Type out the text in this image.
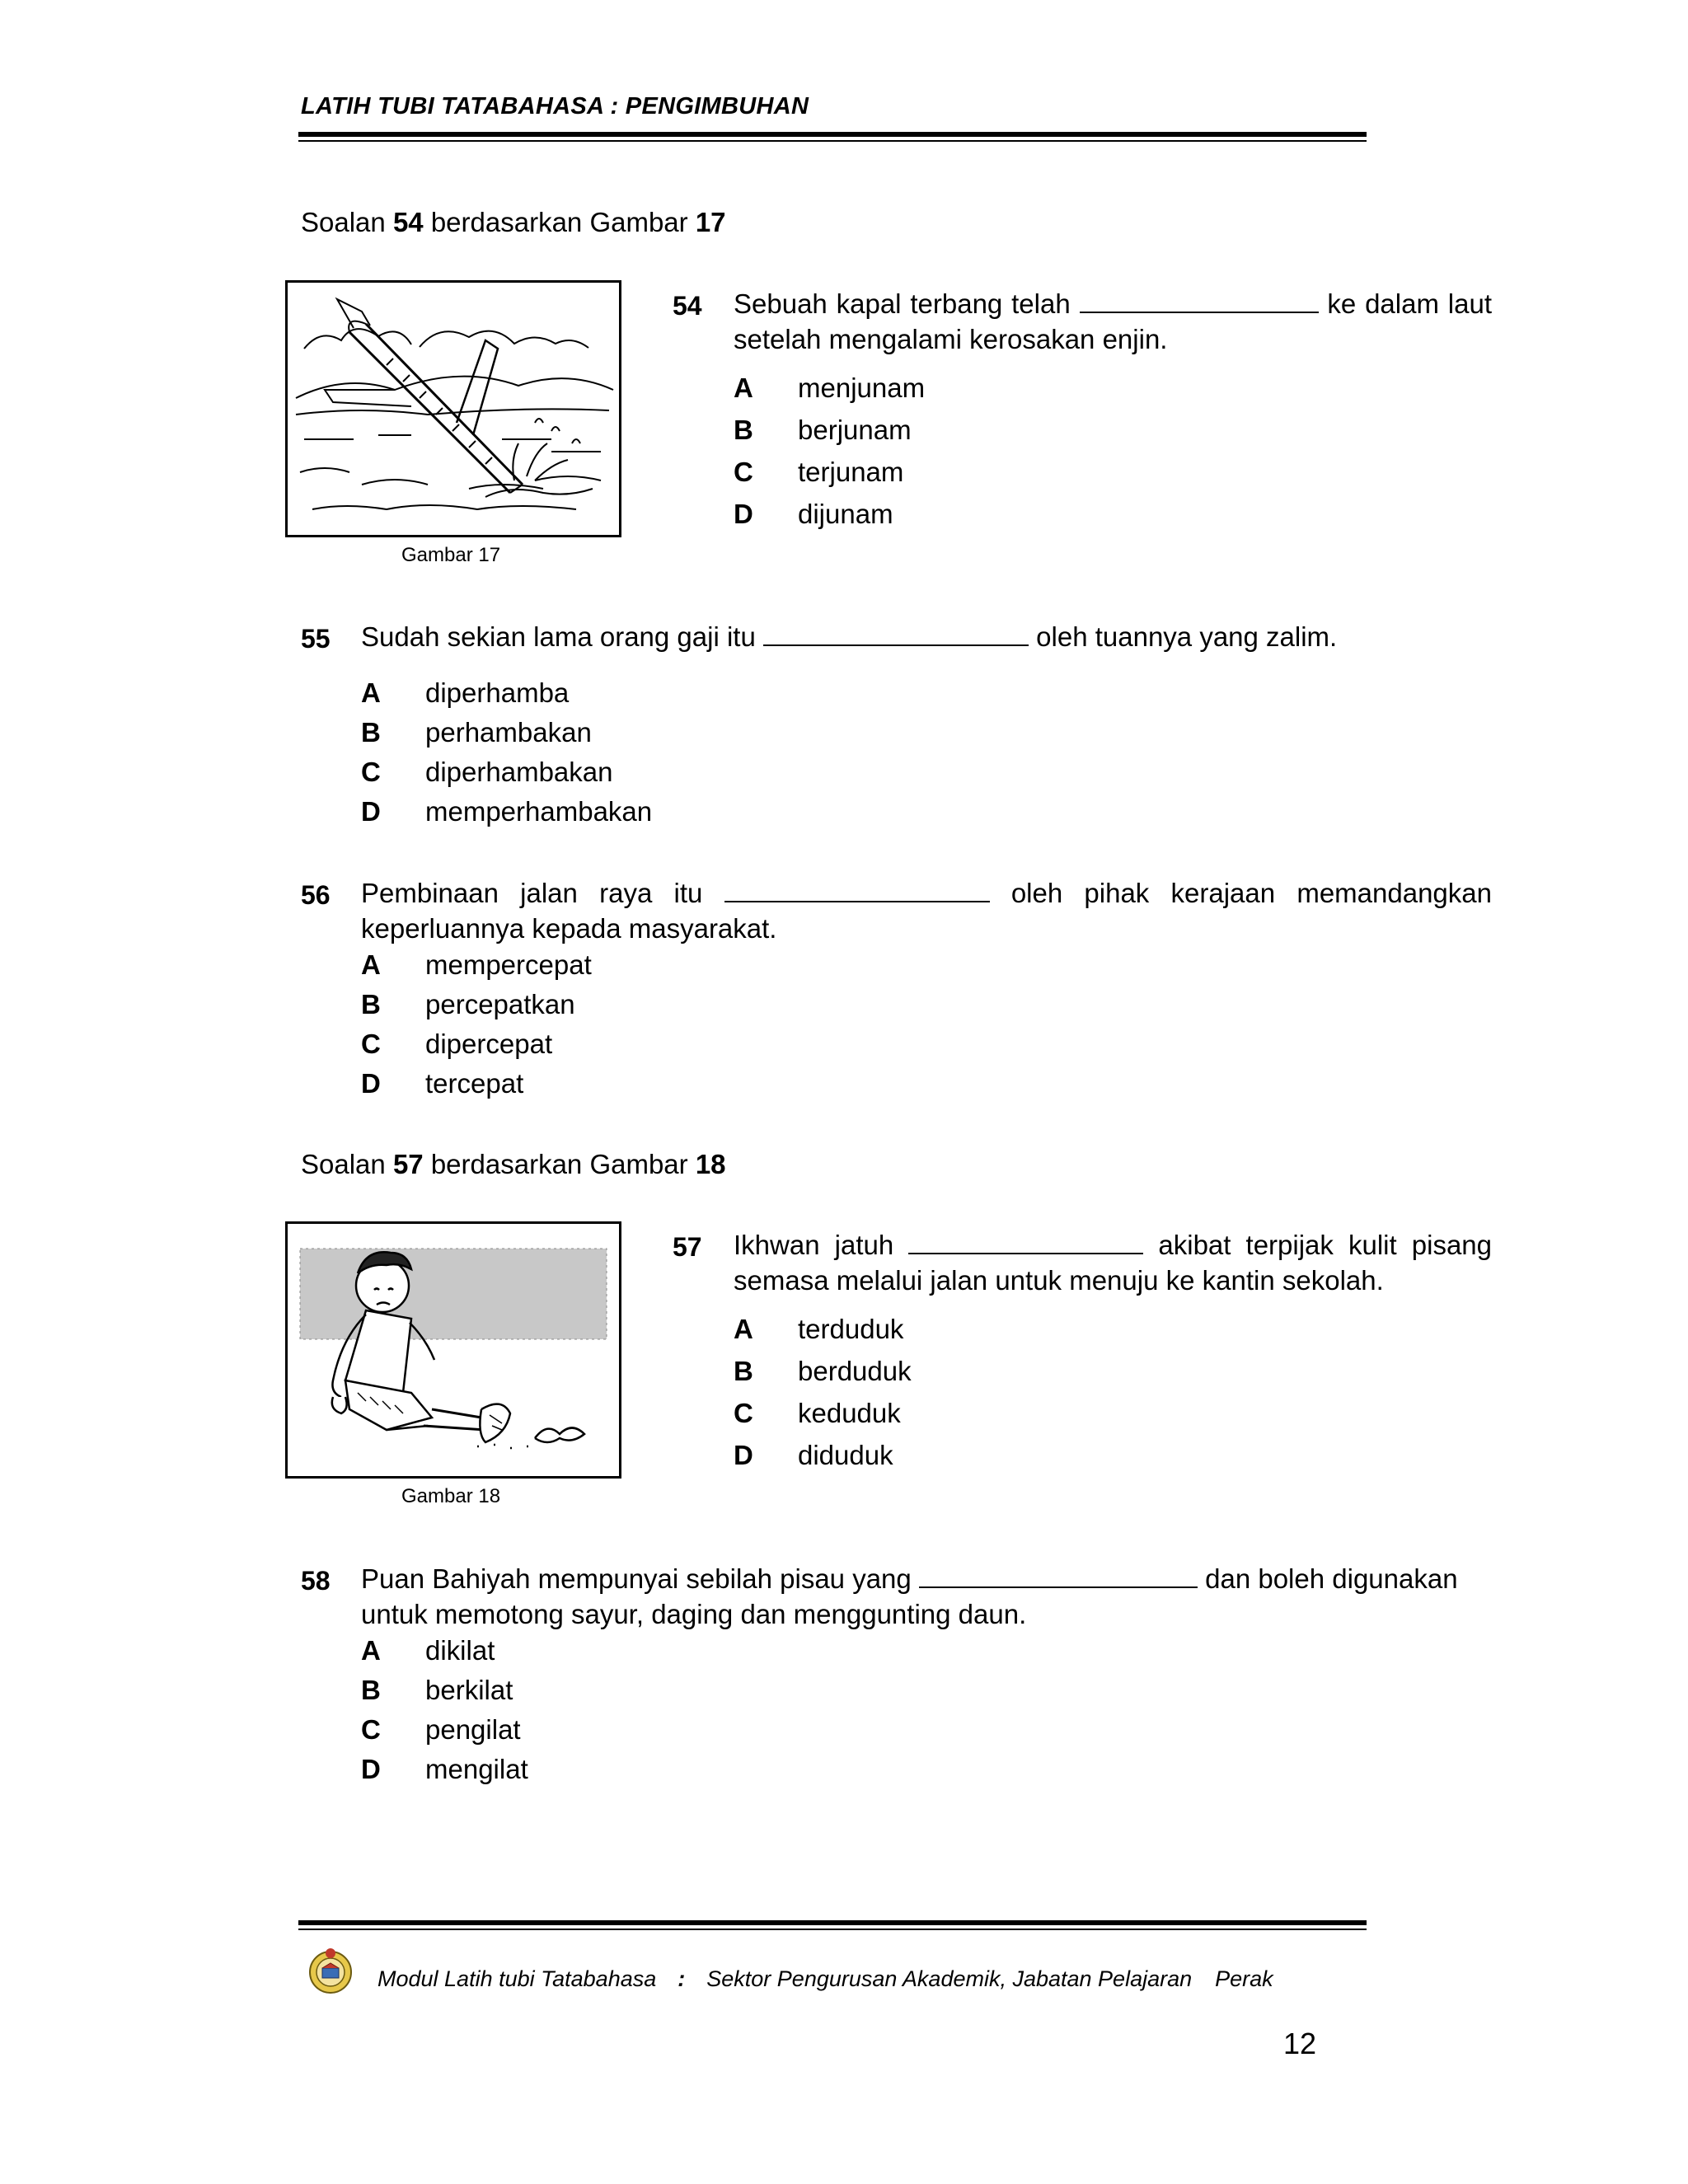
LATIH TUBI TATABAHASA : PENGIMBUHAN
Soalan 54 berdasarkan Gambar 17
Gambar 17
54 Sebuah kapal terbang telah	ke dalam laut setelah mengalami kerosakan enjin.
A menjunam
B berjunam
C terjunam
D dijunam
55 Sudah sekian lama orang gaji itu	oleh tuannya yang zalim.
A diperhamba
B perhambakan
C diperhambakan
D memperhambakan
56 Pembinaan jalan raya itu	oleh pihak kerajaan memandangkan keperluannya kepada masyarakat.
A mempercepat
B percepatkan
C dipercepat
D tercepat
Soalan 57 berdasarkan Gambar 18
Gambar 18
57 Ikhwan jatuh	akibat terpijak kulit pisang semasa melalui jalan untuk menuju ke kantin sekolah.
A terduduk
B berduduk
C keduduk
D diduduk
58 Puan Bahiyah mempunyai sebilah pisau yang	dan boleh digunakan untuk memotong sayur, daging dan menggunting daun.
A dikilat
B berkilat
C pengilat
D mengilat
Modul Latih tubi Tatabahasa : Sektor Pengurusan Akademik, Jabatan Pelajaran Perak
12
